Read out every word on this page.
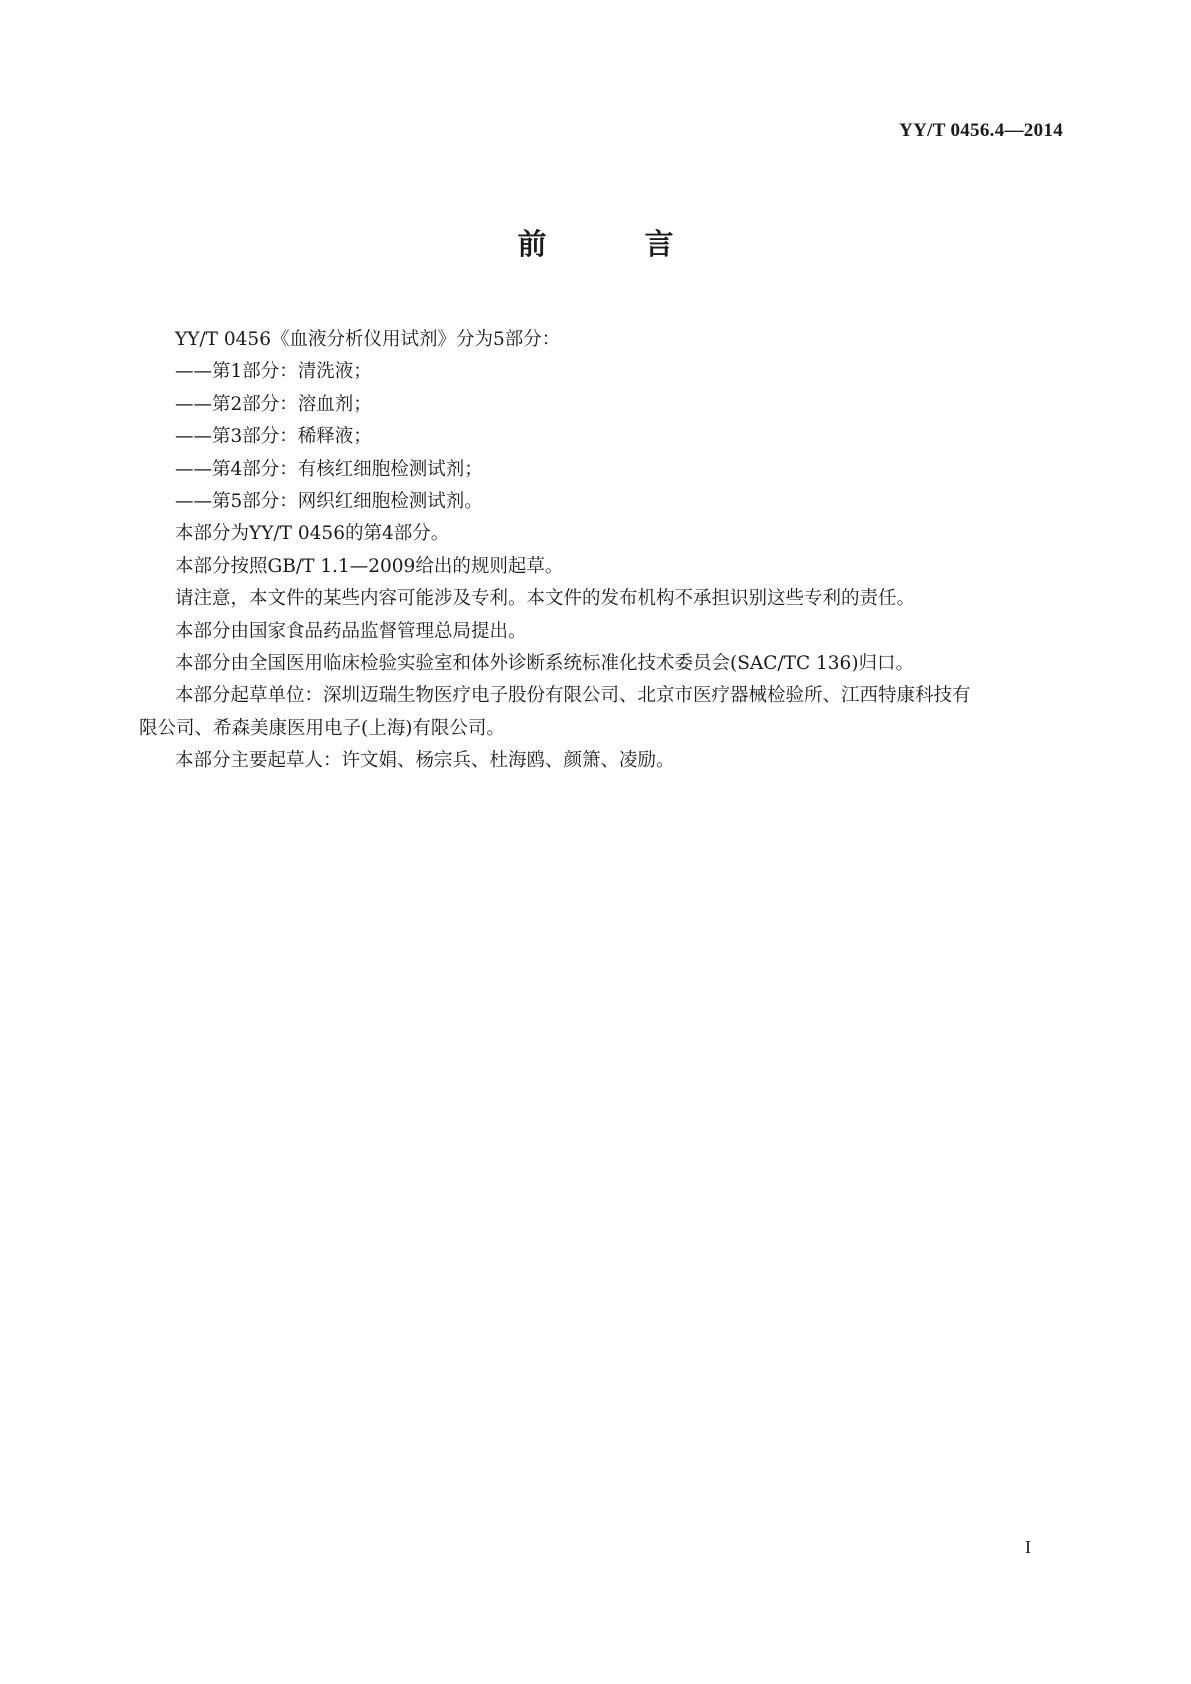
YY/T 0456.4—2014
前 言

YY/T 0456《血液分析仪用试剂》分为5部分：

——第1部分：清洗液；

——第2部分：溶血剂；

——第3部分：稀释液；

——第4部分：有核红细胞检测试剂；

——第5部分：网织红细胞检测试剂。

本部分为YY/T 0456的第4部分。

本部分按照GB/T 1.1—2009给出的规则起草。

请注意，本文件的某些内容可能涉及专利。本文件的发布机构不承担识别这些专利的责任。

本部分由国家食品药品监督管理总局提出。

本部分由全国医用临床检验实验室和体外诊断系统标准化技术委员会(SAC/TC 136)归口。

本部分起草单位：深圳迈瑞生物医疗电子股份有限公司、北京市医疗器械检验所、江西特康科技有
限公司、希森美康医用电子(上海)有限公司。

本部分主要起草人：许文娟、杨宗兵、杜海鸥、颜箫、凌励。

I
